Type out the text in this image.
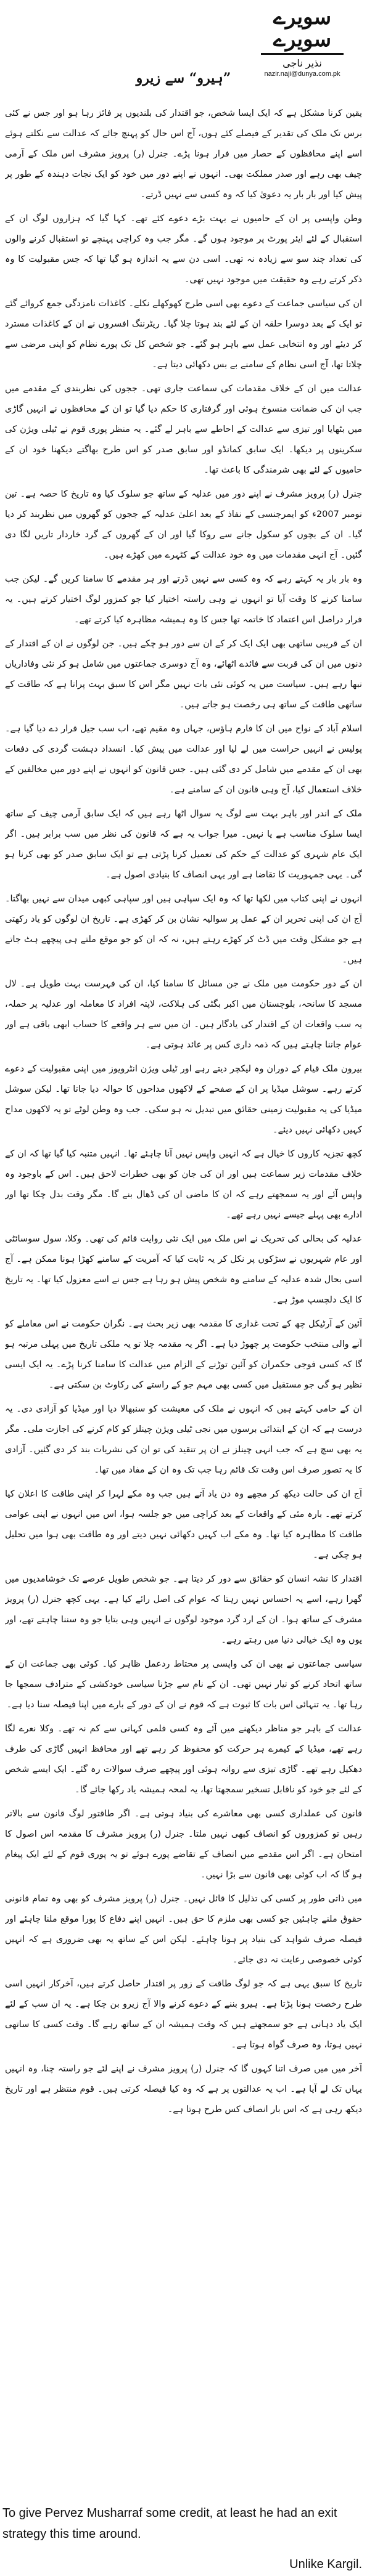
سویرے سویرے
نذیر ناجی
nazir.naji@dunya.com.pk
”ہیرو“ سے زیرو

یقین کرنا مشکل ہے کہ ایک ایسا شخص، جو اقتدار کی بلندیوں پر فائز رہا ہو اور جس نے کئی برس تک ملک کی تقدیر کے فیصلے کئے ہوں، آج اس حال کو پہنچ جائے کہ عدالت سے نکلتے ہوئے اسے اپنے محافظوں کے حصار میں فرار ہونا پڑے۔ جنرل (ر) پرویز مشرف اس ملک کے آرمی چیف بھی رہے اور صدر مملکت بھی۔ انہوں نے اپنے دور میں خود کو ایک نجات دہندہ کے طور پر پیش کیا اور بار بار یہ دعویٰ کیا کہ وہ کسی سے نہیں ڈرتے۔

وطن واپسی پر ان کے حامیوں نے بہت بڑے دعوے کئے تھے۔ کہا گیا کہ ہزاروں لوگ ان کے استقبال کے لئے ایئر پورٹ پر موجود ہوں گے۔ مگر جب وہ کراچی پہنچے تو استقبال کرنے والوں کی تعداد چند سو سے زیادہ نہ تھی۔ اسی دن سے یہ اندازہ ہو گیا تھا کہ جس مقبولیت کا وہ ذکر کرتے رہے وہ حقیقت میں موجود نہیں تھی۔

ان کی سیاسی جماعت کے دعوے بھی اسی طرح کھوکھلے نکلے۔ کاغذات نامزدگی جمع کروائے گئے تو ایک کے بعد دوسرا حلقہ ان کے لئے بند ہوتا چلا گیا۔ ریٹرننگ افسروں نے ان کے کاغذات مسترد کر دیئے اور وہ انتخابی عمل سے باہر ہو گئے۔ جو شخص کل تک پورے نظام کو اپنی مرضی سے چلاتا تھا، آج اسی نظام کے سامنے بے بس دکھائی دیتا ہے۔

عدالت میں ان کے خلاف مقدمات کی سماعت جاری تھی۔ ججوں کی نظربندی کے مقدمے میں جب ان کی ضمانت منسوخ ہوئی اور گرفتاری کا حکم دیا گیا تو ان کے محافظوں نے انہیں گاڑی میں بٹھایا اور تیزی سے عدالت کے احاطے سے باہر لے گئے۔ یہ منظر پوری قوم نے ٹیلی ویژن کی سکرینوں پر دیکھا۔ ایک سابق کمانڈو اور سابق صدر کو اس طرح بھاگتے دیکھنا خود ان کے حامیوں کے لئے بھی شرمندگی کا باعث تھا۔

جنرل (ر) پرویز مشرف نے اپنے دور میں عدلیہ کے ساتھ جو سلوک کیا وہ تاریخ کا حصہ ہے۔ تین نومبر 2007ء کو ایمرجنسی کے نفاذ کے بعد اعلیٰ عدلیہ کے ججوں کو گھروں میں نظربند کر دیا گیا۔ ان کے بچوں کو سکول جانے سے روکا گیا اور ان کے گھروں کے گرد خاردار تاریں لگا دی گئیں۔ آج انہی مقدمات میں وہ خود عدالت کے کٹہرے میں کھڑے ہیں۔

وہ بار بار یہ کہتے رہے کہ وہ کسی سے نہیں ڈرتے اور ہر مقدمے کا سامنا کریں گے۔ لیکن جب سامنا کرنے کا وقت آیا تو انہوں نے وہی راستہ اختیار کیا جو کمزور لوگ اختیار کرتے ہیں۔ یہ فرار دراصل اس اعتماد کا خاتمہ تھا جس کا وہ ہمیشہ مظاہرہ کیا کرتے تھے۔

ان کے قریبی ساتھی بھی ایک ایک کر کے ان سے دور ہو چکے ہیں۔ جن لوگوں نے ان کے اقتدار کے دنوں میں ان کی قربت سے فائدے اٹھائے، وہ آج دوسری جماعتوں میں شامل ہو کر نئی وفاداریاں نبھا رہے ہیں۔ سیاست میں یہ کوئی نئی بات نہیں مگر اس کا سبق بہت پرانا ہے کہ طاقت کے ساتھی طاقت کے ساتھ ہی رخصت ہو جاتے ہیں۔

اسلام آباد کے نواح میں ان کا فارم ہاؤس، جہاں وہ مقیم تھے، اب سب جیل قرار دے دیا گیا ہے۔ پولیس نے انہیں حراست میں لے لیا اور عدالت میں پیش کیا۔ انسداد دہشت گردی کی دفعات بھی ان کے مقدمے میں شامل کر دی گئی ہیں۔ جس قانون کو انہوں نے اپنے دور میں مخالفین کے خلاف استعمال کیا، آج وہی قانون ان کے سامنے ہے۔

ملک کے اندر اور باہر بہت سے لوگ یہ سوال اٹھا رہے ہیں کہ ایک سابق آرمی چیف کے ساتھ ایسا سلوک مناسب ہے یا نہیں۔ میرا جواب یہ ہے کہ قانون کی نظر میں سب برابر ہیں۔ اگر ایک عام شہری کو عدالت کے حکم کی تعمیل کرنا پڑتی ہے تو ایک سابق صدر کو بھی کرنا ہو گی۔ یہی جمہوریت کا تقاضا ہے اور یہی انصاف کا بنیادی اصول ہے۔

انہوں نے اپنی کتاب میں لکھا تھا کہ وہ ایک سپاہی ہیں اور سپاہی کبھی میدان سے نہیں بھاگتا۔ آج ان کی اپنی تحریر ان کے عمل پر سوالیہ نشان بن کر کھڑی ہے۔ تاریخ ان لوگوں کو یاد رکھتی ہے جو مشکل وقت میں ڈٹ کر کھڑے رہتے ہیں، نہ کہ ان کو جو موقع ملتے ہی پیچھے ہٹ جاتے ہیں۔

ان کے دور حکومت میں ملک نے جن مسائل کا سامنا کیا، ان کی فہرست بہت طویل ہے۔ لال مسجد کا سانحہ، بلوچستان میں اکبر بگٹی کی ہلاکت، لاپتہ افراد کا معاملہ اور عدلیہ پر حملہ، یہ سب واقعات ان کے اقتدار کی یادگار ہیں۔ ان میں سے ہر واقعے کا حساب ابھی باقی ہے اور عوام جاننا چاہتے ہیں کہ ذمہ داری کس پر عائد ہوتی ہے۔

بیرون ملک قیام کے دوران وہ لیکچر دیتے رہے اور ٹیلی ویژن انٹرویوز میں اپنی مقبولیت کے دعوے کرتے رہے۔ سوشل میڈیا پر ان کے صفحے کے لاکھوں مداحوں کا حوالہ دیا جاتا تھا۔ لیکن سوشل میڈیا کی یہ مقبولیت زمینی حقائق میں تبدیل نہ ہو سکی۔ جب وہ وطن لوٹے تو یہ لاکھوں مداح کہیں دکھائی نہیں دیئے۔

کچھ تجزیہ کاروں کا خیال ہے کہ انہیں واپس نہیں آنا چاہئے تھا۔ انہیں متنبہ کیا گیا تھا کہ ان کے خلاف مقدمات زیر سماعت ہیں اور ان کی جان کو بھی خطرات لاحق ہیں۔ اس کے باوجود وہ واپس آئے اور یہ سمجھتے رہے کہ ان کا ماضی ان کی ڈھال بنے گا۔ مگر وقت بدل چکا تھا اور ادارے بھی پہلے جیسے نہیں رہے تھے۔

عدلیہ کی بحالی کی تحریک نے اس ملک میں ایک نئی روایت قائم کی تھی۔ وکلا، سول سوسائٹی اور عام شہریوں نے سڑکوں پر نکل کر یہ ثابت کیا کہ آمریت کے سامنے کھڑا ہونا ممکن ہے۔ آج اسی بحال شدہ عدلیہ کے سامنے وہ شخص پیش ہو رہا ہے جس نے اسے معزول کیا تھا۔ یہ تاریخ کا ایک دلچسپ موڑ ہے۔

آئین کے آرٹیکل چھ کے تحت غداری کا مقدمہ بھی زیر بحث ہے۔ نگران حکومت نے اس معاملے کو آنے والی منتخب حکومت پر چھوڑ دیا ہے۔ اگر یہ مقدمہ چلا تو یہ ملکی تاریخ میں پہلی مرتبہ ہو گا کہ کسی فوجی حکمران کو آئین توڑنے کے الزام میں عدالت کا سامنا کرنا پڑے۔ یہ ایک ایسی نظیر ہو گی جو مستقبل میں کسی بھی مہم جو کے راستے کی رکاوٹ بن سکتی ہے۔

ان کے حامی کہتے ہیں کہ انہوں نے ملک کی معیشت کو سنبھالا دیا اور میڈیا کو آزادی دی۔ یہ درست ہے کہ ان کے ابتدائی برسوں میں نجی ٹیلی ویژن چینلز کو کام کرنے کی اجازت ملی۔ مگر یہ بھی سچ ہے کہ جب انہی چینلز نے ان پر تنقید کی تو ان کی نشریات بند کر دی گئیں۔ آزادی کا یہ تصور صرف اس وقت تک قائم رہا جب تک وہ ان کے مفاد میں تھا۔

آج ان کی حالت دیکھ کر مجھے وہ دن یاد آتے ہیں جب وہ مکے لہرا کر اپنی طاقت کا اعلان کیا کرتے تھے۔ بارہ مئی کے واقعات کے بعد کراچی میں جو جلسہ ہوا، اس میں انہوں نے اپنی عوامی طاقت کا مظاہرہ کیا تھا۔ وہ مکے اب کہیں دکھائی نہیں دیتے اور وہ طاقت بھی ہوا میں تحلیل ہو چکی ہے۔

اقتدار کا نشہ انسان کو حقائق سے دور کر دیتا ہے۔ جو شخص طویل عرصے تک خوشامدیوں میں گھرا رہے، اسے یہ احساس نہیں رہتا کہ عوام کی اصل رائے کیا ہے۔ یہی کچھ جنرل (ر) پرویز مشرف کے ساتھ ہوا۔ ان کے ارد گرد موجود لوگوں نے انہیں وہی بتایا جو وہ سننا چاہتے تھے، اور یوں وہ ایک خیالی دنیا میں رہتے رہے۔

سیاسی جماعتوں نے بھی ان کی واپسی پر محتاط ردعمل ظاہر کیا۔ کوئی بھی جماعت ان کے ساتھ اتحاد کرنے کو تیار نہیں تھی۔ ان کے نام سے جڑنا سیاسی خودکشی کے مترادف سمجھا جا رہا تھا۔ یہ تنہائی اس بات کا ثبوت ہے کہ قوم نے ان کے دور کے بارے میں اپنا فیصلہ سنا دیا ہے۔

عدالت کے باہر جو مناظر دیکھنے میں آئے وہ کسی فلمی کہانی سے کم نہ تھے۔ وکلا نعرے لگا رہے تھے، میڈیا کے کیمرے ہر حرکت کو محفوظ کر رہے تھے اور محافظ انہیں گاڑی کی طرف دھکیل رہے تھے۔ گاڑی تیزی سے روانہ ہوئی اور پیچھے صرف سوالات رہ گئے۔ ایک ایسے شخص کے لئے جو خود کو ناقابل تسخیر سمجھتا تھا، یہ لمحہ ہمیشہ یاد رکھا جائے گا۔

قانون کی عملداری کسی بھی معاشرے کی بنیاد ہوتی ہے۔ اگر طاقتور لوگ قانون سے بالاتر رہیں تو کمزوروں کو انصاف کبھی نہیں ملتا۔ جنرل (ر) پرویز مشرف کا مقدمہ اس اصول کا امتحان ہے۔ اگر اس مقدمے میں انصاف کے تقاضے پورے ہوئے تو یہ پوری قوم کے لئے ایک پیغام ہو گا کہ اب کوئی بھی قانون سے بڑا نہیں۔

میں ذاتی طور پر کسی کی تذلیل کا قائل نہیں۔ جنرل (ر) پرویز مشرف کو بھی وہ تمام قانونی حقوق ملنے چاہئیں جو کسی بھی ملزم کا حق ہیں۔ انہیں اپنے دفاع کا پورا موقع ملنا چاہئے اور فیصلہ صرف شواہد کی بنیاد پر ہونا چاہئے۔ لیکن اس کے ساتھ یہ بھی ضروری ہے کہ انہیں کوئی خصوصی رعایت نہ دی جائے۔

تاریخ کا سبق یہی ہے کہ جو لوگ طاقت کے زور پر اقتدار حاصل کرتے ہیں، آخرکار انہیں اسی طرح رخصت ہونا پڑتا ہے۔ ہیرو بننے کے دعوے کرنے والا آج زیرو بن چکا ہے۔ یہ ان سب کے لئے ایک یاد دہانی ہے جو سمجھتے ہیں کہ وقت ہمیشہ ان کے ساتھ رہے گا۔ وقت کسی کا ساتھی نہیں ہوتا، وہ صرف گواہ ہوتا ہے۔

آخر میں میں صرف اتنا کہوں گا کہ جنرل (ر) پرویز مشرف نے اپنے لئے جو راستہ چنا، وہ انہیں یہاں تک لے آیا ہے۔ اب یہ عدالتوں پر ہے کہ وہ کیا فیصلہ کرتی ہیں۔ قوم منتظر ہے اور تاریخ دیکھ رہی ہے کہ اس بار انصاف کس طرح ہوتا ہے۔

To give Pervez Musharraf some credit, at least he had an exit strategy this time around.
Unlike Kargil.
